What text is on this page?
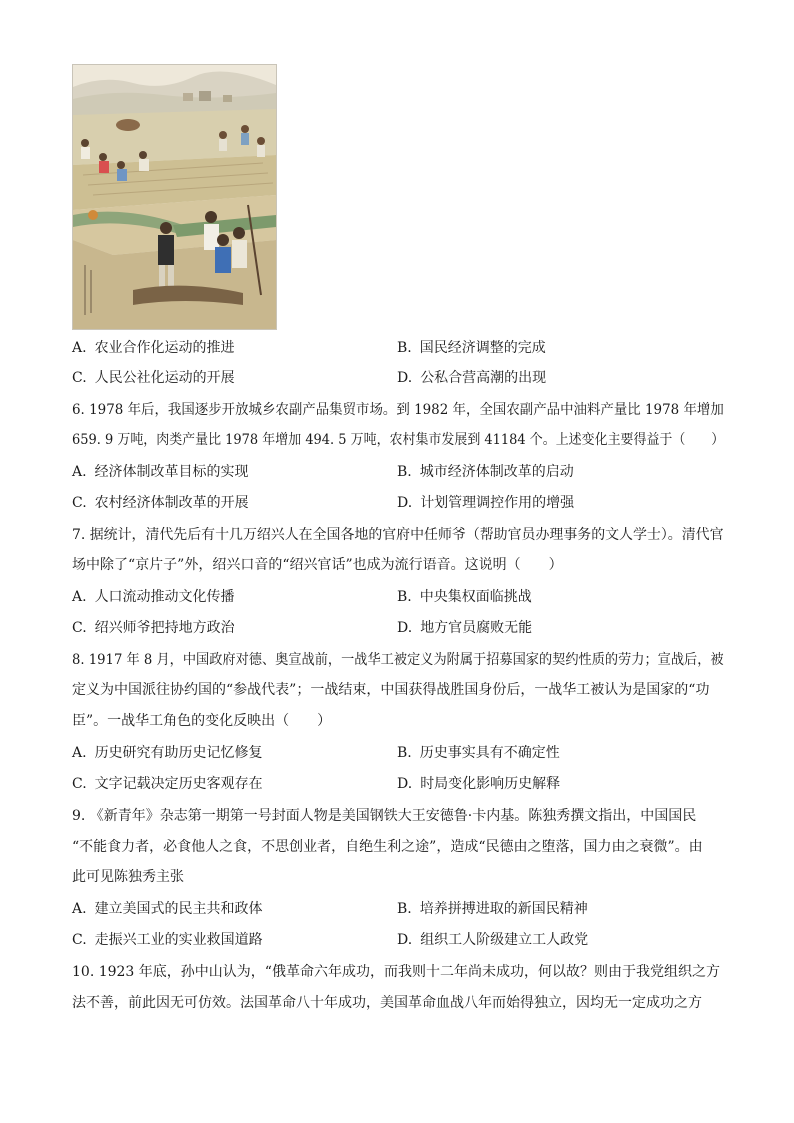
A. 农业合作化运动的推进	B. 国民经济调整的完成
C. 人民公社化运动的开展	D. 公私合营高潮的出现
6. 1978 年后，我国逐步开放城乡农副产品集贸市场。到 1982 年，全国农副产品中油料产量比 1978 年增加
659. 9 万吨，肉类产量比 1978 年增加 494. 5 万吨，农村集市发展到 41184 个。上述变化主要得益于（　　）
A. 经济体制改革目标的实现	B. 城市经济体制改革的启动
C. 农村经济体制改革的开展	D. 计划管理调控作用的增强
7. 据统计，清代先后有十几万绍兴人在全国各地的官府中任师爷（帮助官员办理事务的文人学士）。清代官
场中除了“京片子”外，绍兴口音的“绍兴官话”也成为流行语音。这说明（　　）
A. 人口流动推动文化传播	B. 中央集权面临挑战
C. 绍兴师爷把持地方政治	D. 地方官员腐败无能
8. 1917 年 8 月，中国政府对德、奥宣战前，一战华工被定义为附属于招募国家的契约性质的劳力；宣战后，被
定义为中国派往协约国的“参战代表”；一战结束，中国获得战胜国身份后，一战华工被认为是国家的“功
臣”。一战华工角色的变化反映出（　　）
A. 历史研究有助历史记忆修复	B. 历史事实具有不确定性
C. 文字记载决定历史客观存在	D. 时局变化影响历史解释
9. 《新青年》杂志第一期第一号封面人物是美国钢铁大王安德鲁·卡内基。陈独秀撰文指出，中国国民
“不能食力者，必食他人之食，不思创业者，自绝生利之途”，造成“民德由之堕落，国力由之衰微”。由
此可见陈独秀主张
A. 建立美国式的民主共和政体	B. 培养拼搏进取的新国民精神
C. 走振兴工业的实业救国道路	D. 组织工人阶级建立工人政党
10. 1923 年底，孙中山认为，“俄革命六年成功，而我则十二年尚未成功，何以故？则由于我党组织之方
法不善，前此因无可仿效。法国革命八十年成功，美国革命血战八年而始得独立，因均无一定成功之方
